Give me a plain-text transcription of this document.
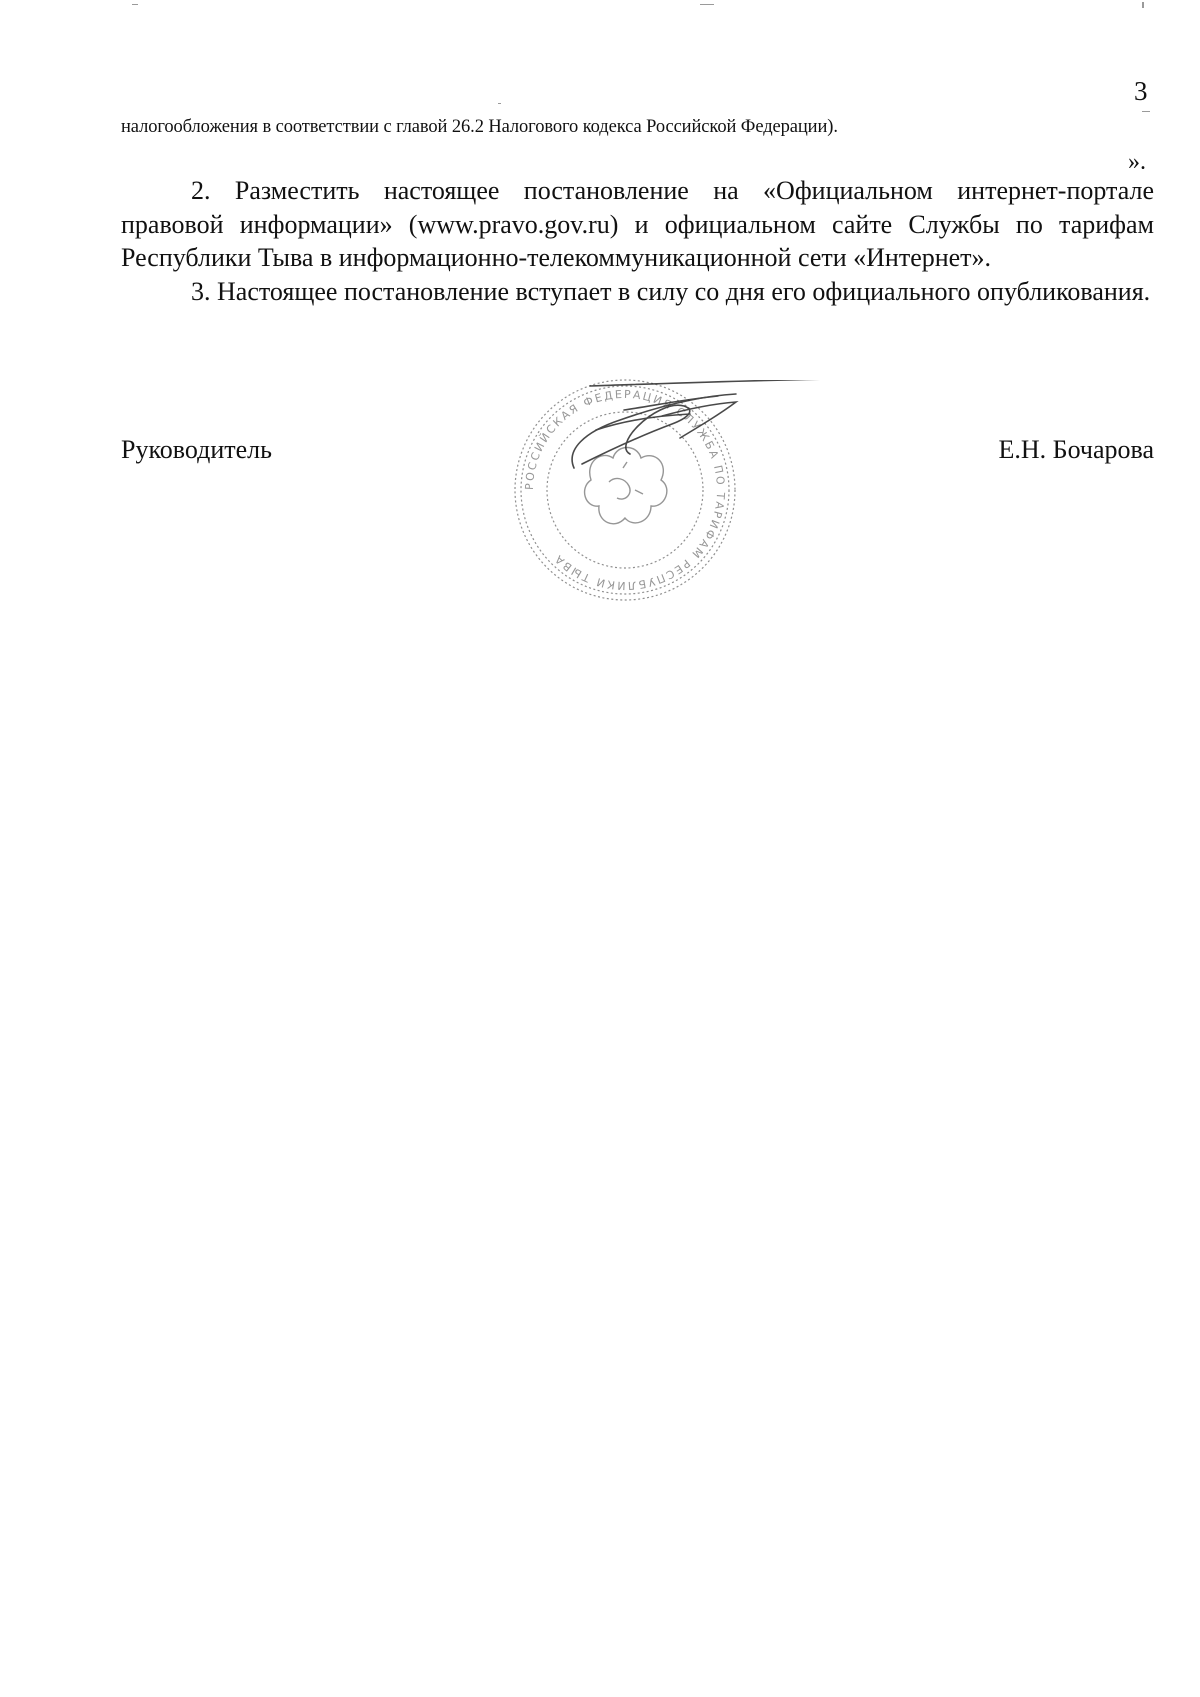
3
налогообложения в соответствии с главой 26.2 Налогового кодекса Российской Федерации).
».
2. Разместить настоящее постановление на «Официальном интернет-портале правовой информации» (www.pravo.gov.ru) и официальном сайте Службы по тарифам Республики Тыва в информационно-телекоммуникационной сети «Интернет».
3. Настоящее постановление вступает в силу со дня его официального опубликования.
Руководитель	Е.Н. Бочарова
РОССИЙСКАЯ ФЕДЕРАЦИЯ СЛУЖБА ПО ТАРИФАМ РЕСПУБЛИКИ ТЫВА
